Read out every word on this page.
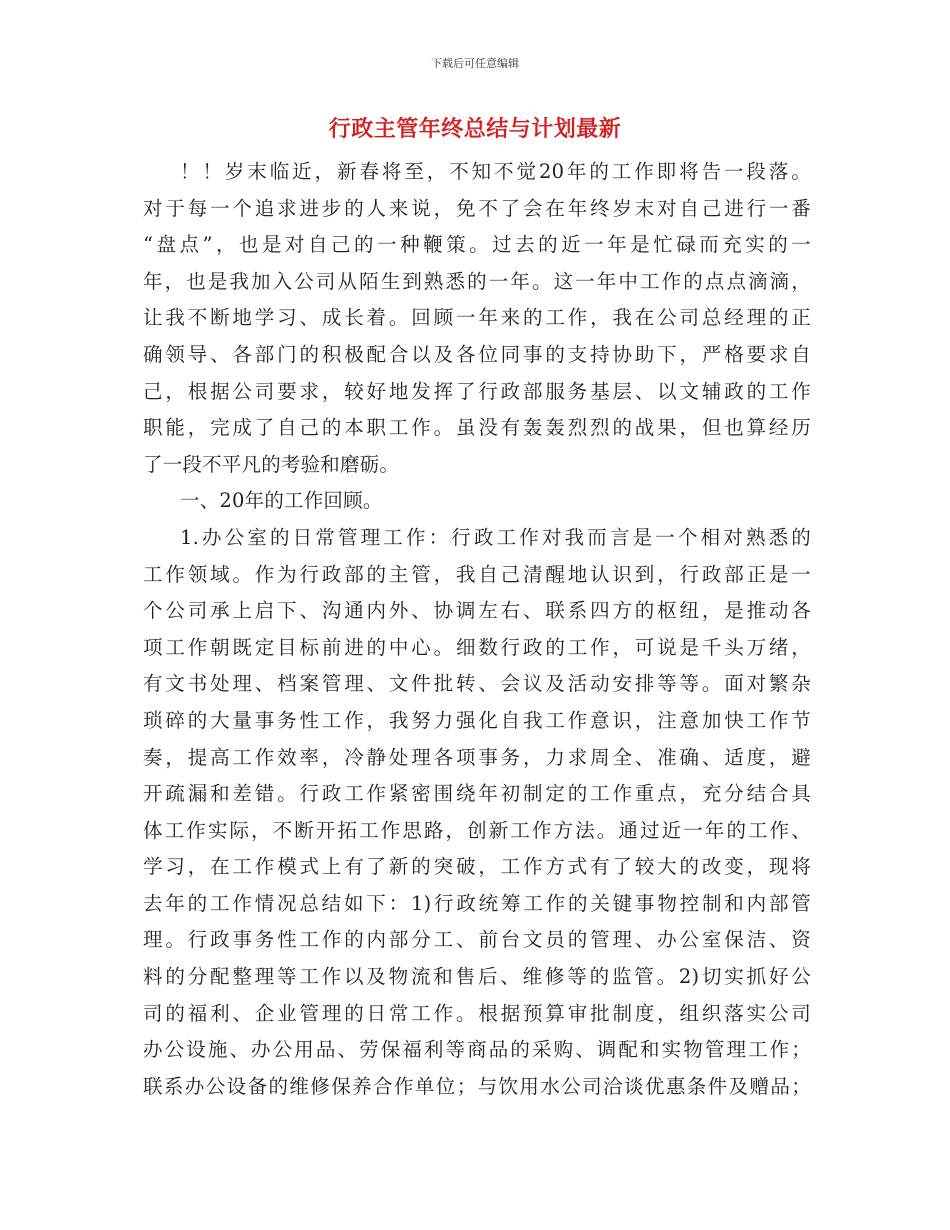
下载后可任意编辑
行政主管年终总结与计划最新
！！岁末临近，新春将至，不知不觉20年的工作即将告一段落。
对于每一个追求进步的人来说，免不了会在年终岁末对自己进行一番
“盘点”，也是对自己的一种鞭策。过去的近一年是忙碌而充实的一
年，也是我加入公司从陌生到熟悉的一年。这一年中工作的点点滴滴，
让我不断地学习、成长着。回顾一年来的工作，我在公司总经理的正
确领导、各部门的积极配合以及各位同事的支持协助下，严格要求自
己，根据公司要求，较好地发挥了行政部服务基层、以文辅政的工作
职能，完成了自己的本职工作。虽没有轰轰烈烈的战果，但也算经历
了一段不平凡的考验和磨砺。
一、20年的工作回顾。
1.办公室的日常管理工作：行政工作对我而言是一个相对熟悉的
工作领域。作为行政部的主管，我自己清醒地认识到，行政部正是一
个公司承上启下、沟通内外、协调左右、联系四方的枢纽，是推动各
项工作朝既定目标前进的中心。细数行政的工作，可说是千头万绪，
有文书处理、档案管理、文件批转、会议及活动安排等等。面对繁杂
琐碎的大量事务性工作，我努力强化自我工作意识，注意加快工作节
奏，提高工作效率，冷静处理各项事务，力求周全、准确、适度，避
开疏漏和差错。行政工作紧密围绕年初制定的工作重点，充分结合具
体工作实际，不断开拓工作思路，创新工作方法。通过近一年的工作、
学习，在工作模式上有了新的突破，工作方式有了较大的改变，现将
去年的工作情况总结如下：1)行政统筹工作的关键事物控制和内部管
理。行政事务性工作的内部分工、前台文员的管理、办公室保洁、资
料的分配整理等工作以及物流和售后、维修等的监管。2)切实抓好公
司的福利、企业管理的日常工作。根据预算审批制度，组织落实公司
办公设施、办公用品、劳保福利等商品的采购、调配和实物管理工作；
联系办公设备的维修保养合作单位；与饮用水公司洽谈优惠条件及赠品；
